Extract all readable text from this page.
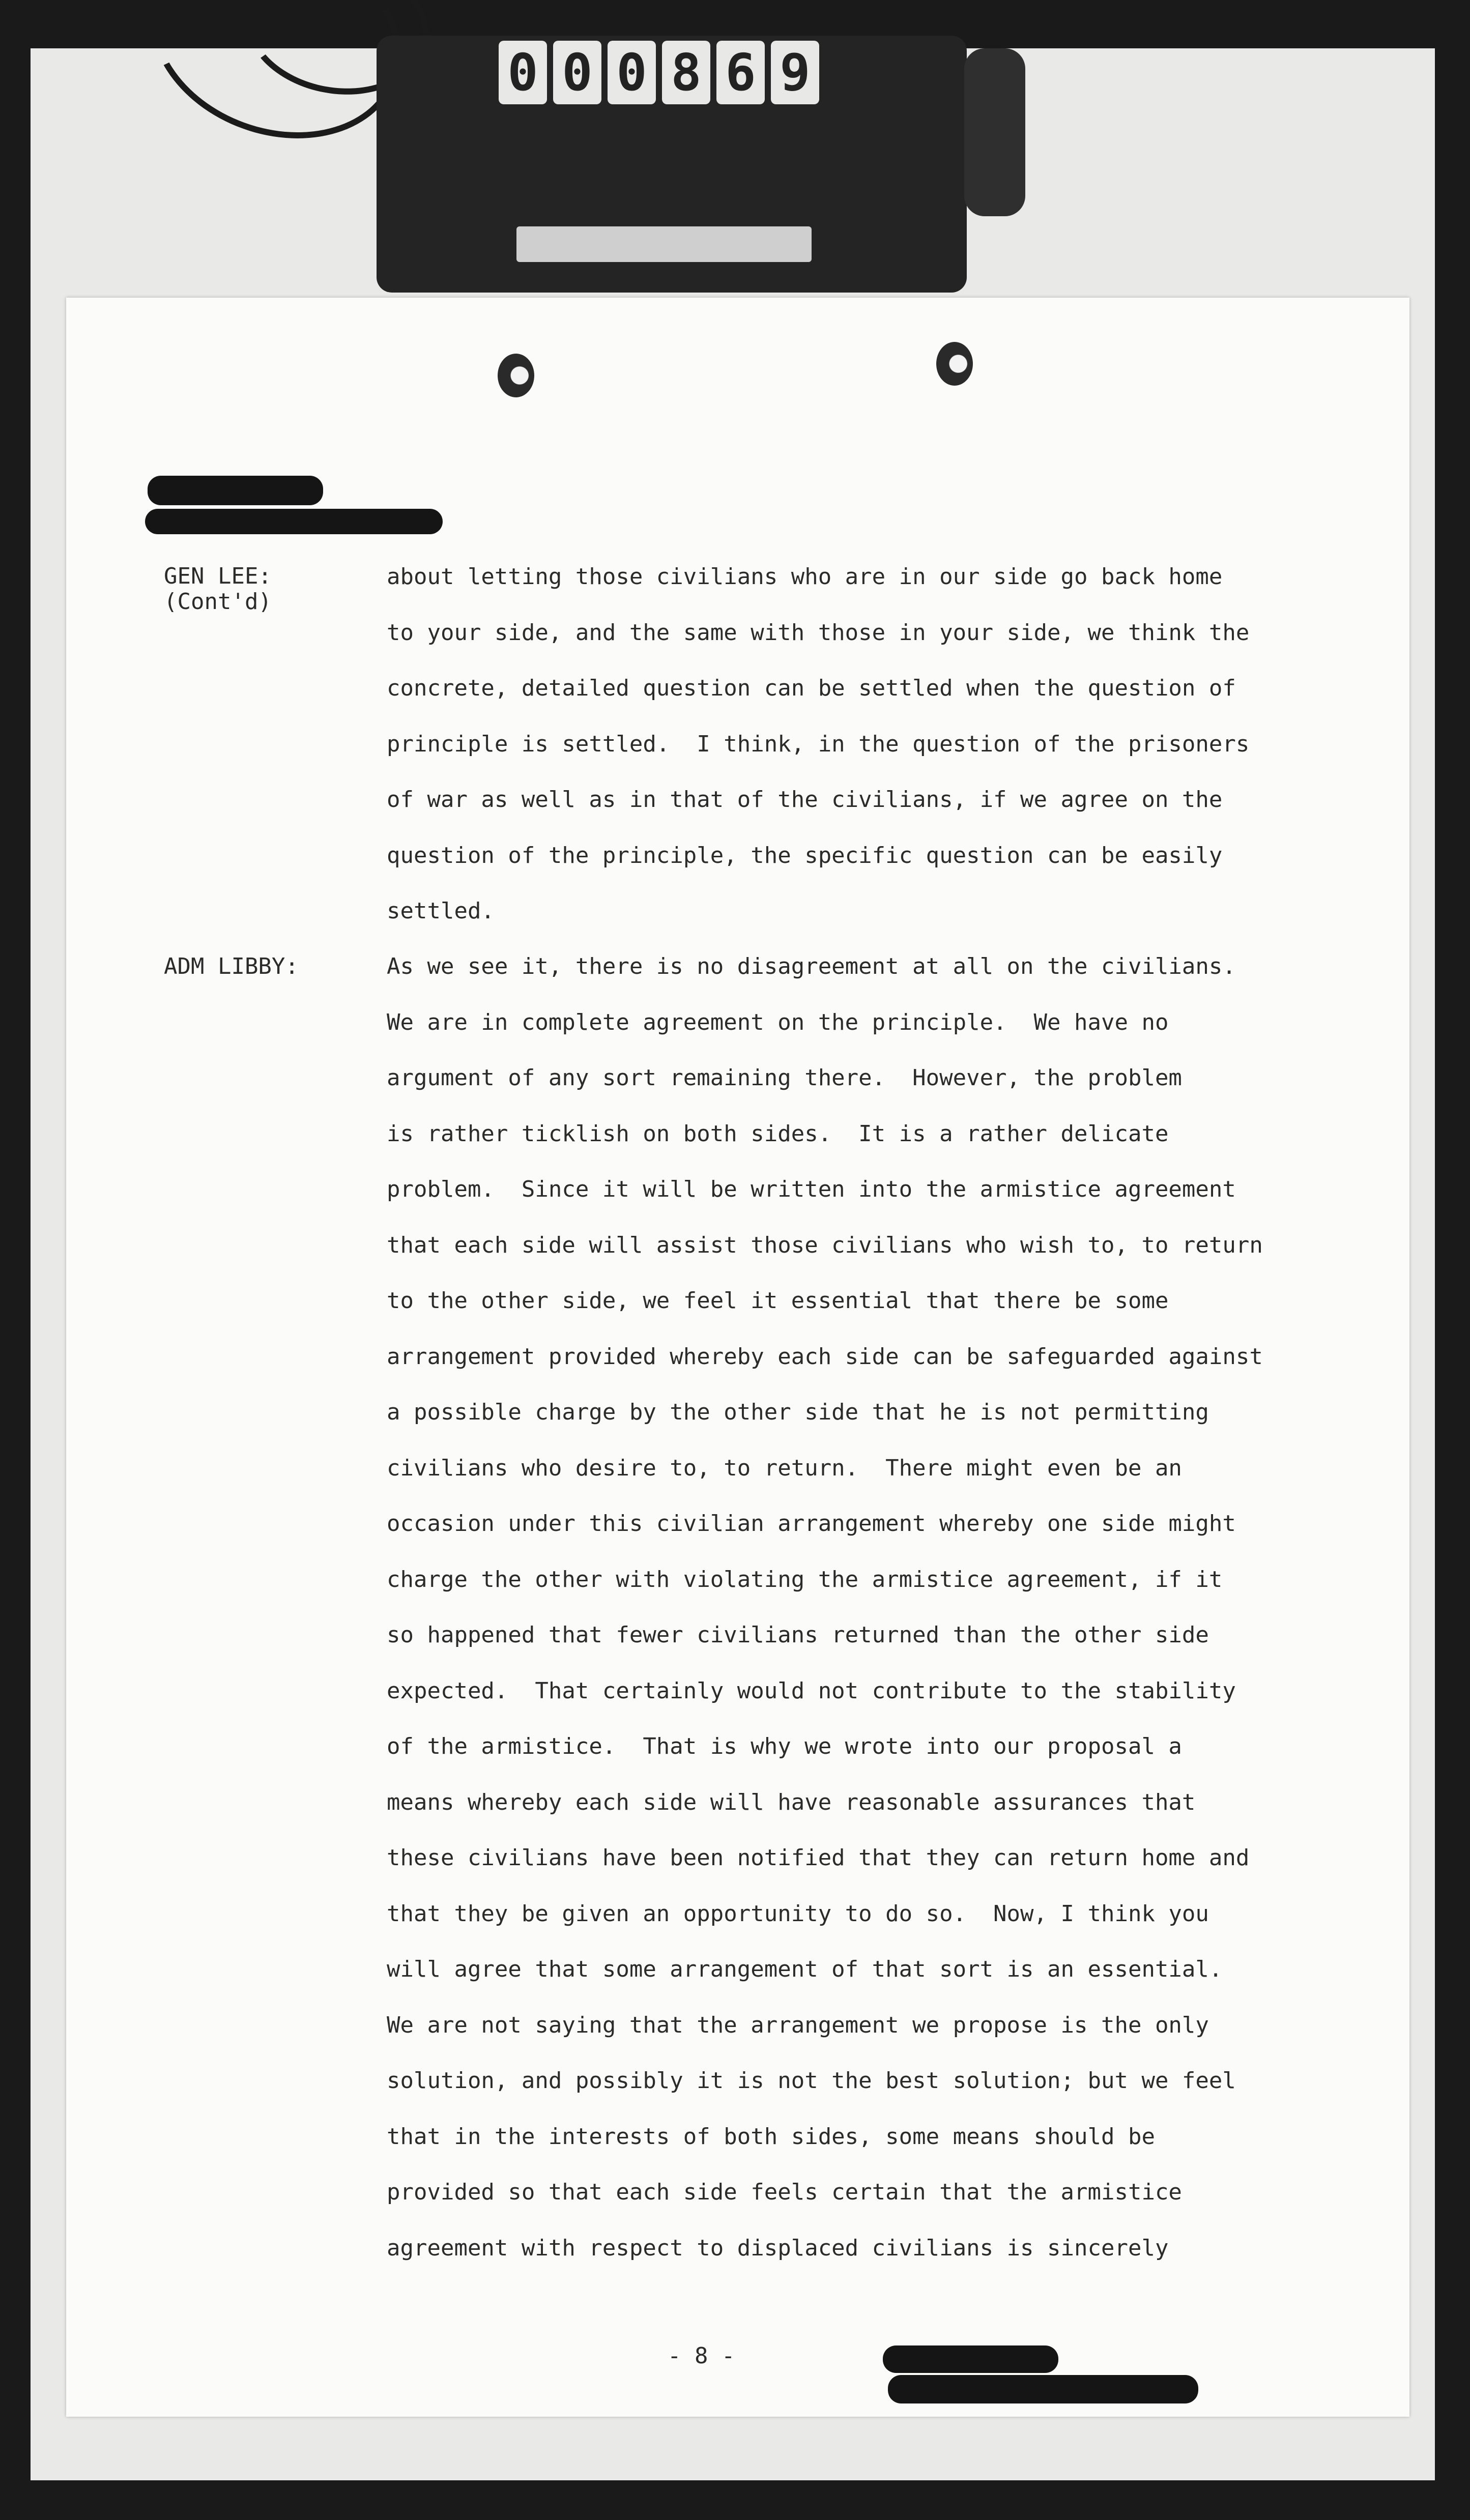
0 0 0 8 6 9
GEN LEE:
(Cont'd)
about letting those civilians who are in our side go back home
to your side, and the same with those in your side, we think the
concrete, detailed question can be settled when the question of
principle is settled.  I think, in the question of the prisoners
of war as well as in that of the civilians, if we agree on the
question of the principle, the specific question can be easily
settled.
ADM LIBBY:	As we see it, there is no disagreement at all on the civilians.
We are in complete agreement on the principle.  We have no
argument of any sort remaining there.  However, the problem
is rather ticklish on both sides.  It is a rather delicate
problem.  Since it will be written into the armistice agreement
that each side will assist those civilians who wish to, to return
to the other side, we feel it essential that there be some
arrangement provided whereby each side can be safeguarded against
a possible charge by the other side that he is not permitting
civilians who desire to, to return.  There might even be an
occasion under this civilian arrangement whereby one side might
charge the other with violating the armistice agreement, if it
so happened that fewer civilians returned than the other side
expected.  That certainly would not contribute to the stability
of the armistice.  That is why we wrote into our proposal a
means whereby each side will have reasonable assurances that
these civilians have been notified that they can return home and
that they be given an opportunity to do so.  Now, I think you
will agree that some arrangement of that sort is an essential.
We are not saying that the arrangement we propose is the only
solution, and possibly it is not the best solution; but we feel
that in the interests of both sides, some means should be
provided so that each side feels certain that the armistice
agreement with respect to displaced civilians is sincerely
- 8 -
